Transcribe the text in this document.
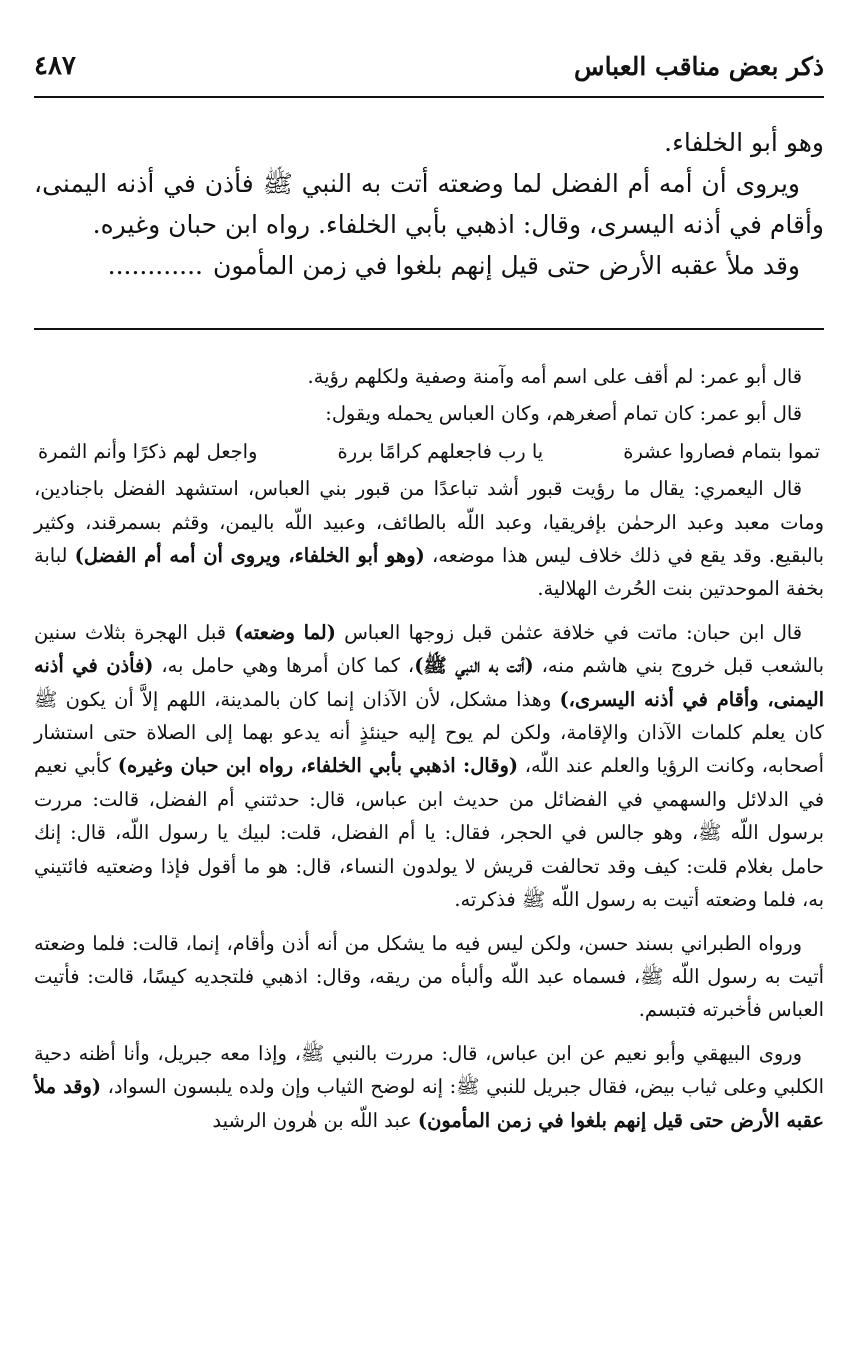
ذكر بعض مناقب العباس
٤٨٧

وهو أبو الخلفاء.

ويروى أن أمه أم الفضل لما وضعته أتت به النبي ﷺ فأذن في أذنه اليمنى، وأقام في أذنه اليسرى، وقال: اذهبي بأبي الخلفاء. رواه ابن حبان وغيره.

وقد ملأ عقبه الأرض حتى قيل إنهم بلغوا في زمن المأمون............

قال أبو عمر: لم أقف على اسم أمه وآمنة وصفية ولكلهم رؤية.

قال أبو عمر: كان تمام أصغرهم، وكان العباس يحمله ويقول:

تموا بتمام فصاروا عشرة
يا رب فاجعلهم كرامًا بررة
واجعل لهم ذكرًا وأنم الثمرة

قال اليعمري: يقال ما رؤيت قبور أشد تباعدًا من قبور بني العباس، استشهد الفضل باجنادين، ومات معبد وعبد الرحمٰن بإفريقيا، وعبد اللّه بالطائف، وعبيد اللّه باليمن، وقثم بسمرقند، وكثير بالبقيع. وقد يقع في ذلك خلاف ليس هذا موضعه، (وهو أبو الخلفاء، ويروى أن أمه أم الفضل) لبابة بخفة الموحدتين بنت الحُرث الهلالية.

قال ابن حبان: ماتت في خلافة عثمٰن قبل زوجها العباس (لما وضعته) قبل الهجرة بثلاث سنين بالشعب قبل خروج بني هاشم منه، (أتت به النبي ﷺ)، كما كان أمرها وهي حامل به، (فأذن في أذنه اليمنى، وأقام في أذنه اليسرى،) وهذا مشكل، لأن الآذان إنما كان بالمدينة، اللهم إلاَّ أن يكون ﷺ كان يعلم كلمات الآذان والإقامة، ولكن لم يوح إليه حينئذٍ أنه يدعو بهما إلى الصلاة حتى استشار أصحابه، وكانت الرؤيا والعلم عند اللّه، (وقال: اذهبي بأبي الخلفاء، رواه ابن حبان وغيره) كأبي نعيم في الدلائل والسهمي في الفضائل من حديث ابن عباس، قال: حدثتني أم الفضل، قالت: مررت برسول اللّه ﷺ، وهو جالس في الحجر، فقال: يا أم الفضل، قلت: لبيك يا رسول اللّه، قال: إنك حامل بغلام قلت: كيف وقد تحالفت قريش لا يولدون النساء، قال: هو ما أقول فإذا وضعتيه فائتيني به، فلما وضعته أتيت به رسول اللّه ﷺ فذكرته.

ورواه الطبراني بسند حسن، ولكن ليس فيه ما يشكل من أنه أذن وأقام، إنما، قالت: فلما وضعته أتيت به رسول اللّه ﷺ، فسماه عبد اللّه وألبأه من ريقه، وقال: اذهبي فلتجديه كيسًا، قالت: فأتيت العباس فأخبرته فتبسم.

وروى البيهقي وأبو نعيم عن ابن عباس، قال: مررت بالنبي ﷺ، وإذا معه جبريل، وأنا أظنه دحية الكلبي وعلى ثياب بيض، فقال جبريل للنبي ﷺ: إنه لوضح الثياب وإن ولده يلبسون السواد، (وقد ملأ عقبه الأرض حتى قيل إنهم بلغوا في زمن المأمون) عبد اللّه بن هٰرون الرشيد
